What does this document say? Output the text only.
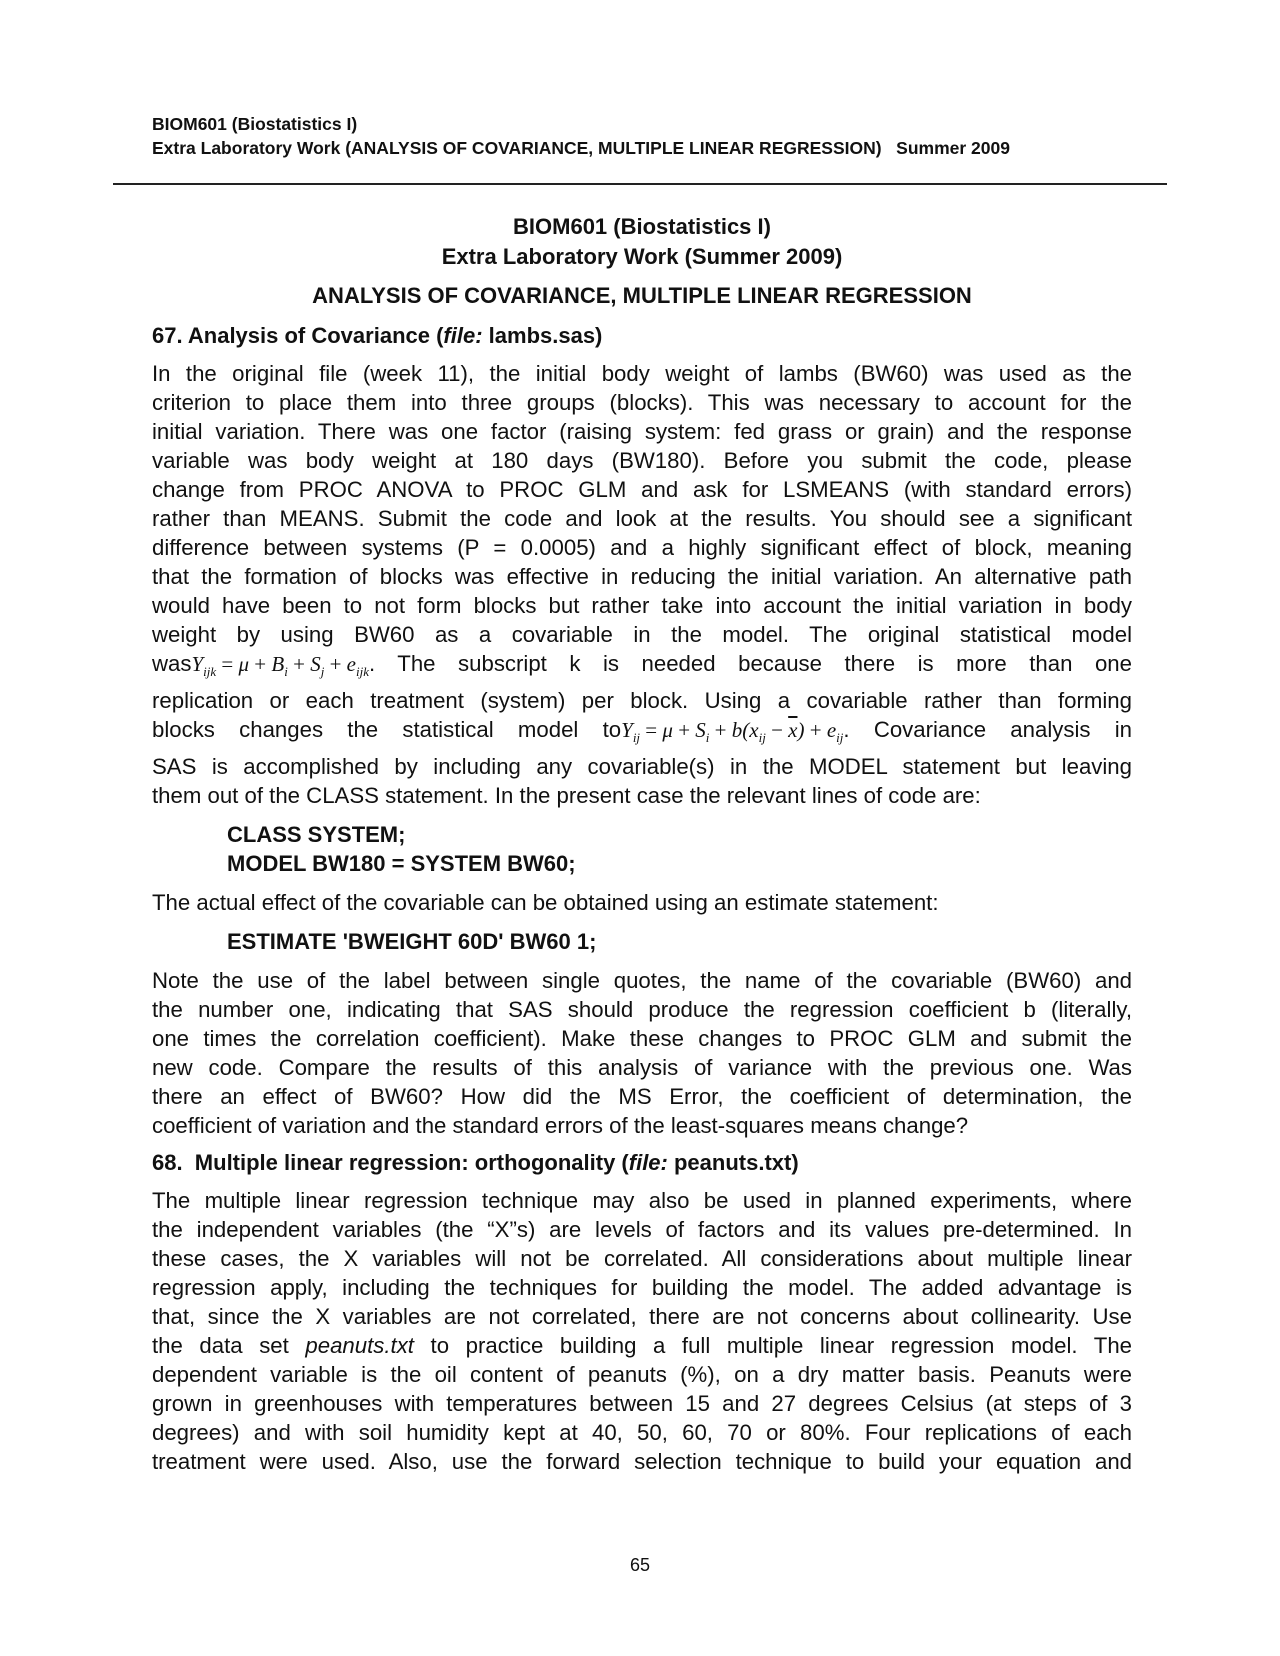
BIOM601 (Biostatistics I)
Extra Laboratory Work (ANALYSIS OF COVARIANCE, MULTIPLE LINEAR REGRESSION)   Summer 2009
BIOM601 (Biostatistics I)
Extra Laboratory Work (Summer 2009)
ANALYSIS OF COVARIANCE, MULTIPLE LINEAR REGRESSION
67. Analysis of Covariance (file: lambs.sas)

In the original file (week 11), the initial body weight of lambs (BW60) was used as the

criterion to place them into three groups (blocks). This was necessary to account for the

initial variation. There was one factor (raising system: fed grass or grain) and the response

variable was body weight at 180 days (BW180). Before you submit the code, please

change from PROC ANOVA to PROC GLM and ask for LSMEANS (with standard errors)

rather than MEANS. Submit the code and look at the results. You should see a significant

difference between systems (P = 0.0005) and a highly significant effect of block, meaning

that the formation of blocks was effective in reducing the initial variation. An alternative path

would have been to not form blocks but rather take into account the initial variation in body

weight by using BW60 as a covariable in the model. The original statistical model

wasY$_{ijk}$ = $\mu + B_i + S_j + e_{ijk}$. The subscript k is needed because there is more than one

replication or each treatment (system) per block. Using a covariable rather than forming

blocks changes the statistical model $toY_{ij} = \mu + S_i + b(x_{ij} - \overline{x}) + e_{ij}$. Covariance analysis in

SAS is accomplished by including any covariable(s) in the MODEL statement but leaving

them out of the CLASS statement. In the present case the relevant lines of code are:

CLASS SYSTEM;
MODEL BW180 = SYSTEM BW60;

The actual effect of the covariable can be obtained using an estimate statement:

ESTIMATE 'BWEIGHT 60D' BW60 1;

Note the use of the label between single quotes, the name of the covariable (BW60) and

the number one, indicating that SAS should produce the regression coefficient b (literally,

one times the correlation coefficient). Make these changes to PROC GLM and submit the

new code. Compare the results of this analysis of variance with the previous one. Was

there an effect of BW60? How did the MS Error, the coefficient of determination, the

coefficient of variation and the standard errors of the least-squares means change?

68.  Multiple linear regression: orthogonality (file: peanuts.txt)

The multiple linear regression technique may also be used in planned experiments, where

the independent variables (the “X”s) are levels of factors and its values pre-determined. In

these cases, the X variables will not be correlated. All considerations about multiple linear

regression apply, including the techniques for building the model. The added advantage is

that, since the X variables are not correlated, there are not concerns about collinearity. Use

the data set peanuts.txt to practice building a full multiple linear regression model. The

dependent variable is the oil content of peanuts (%), on a dry matter basis. Peanuts were

grown in greenhouses with temperatures between 15 and 27 degrees Celsius (at steps of 3

degrees) and with soil humidity kept at 40, 50, 60, 70 or 80%. Four replications of each

treatment were used. Also, use the forward selection technique to build your equation and

65
